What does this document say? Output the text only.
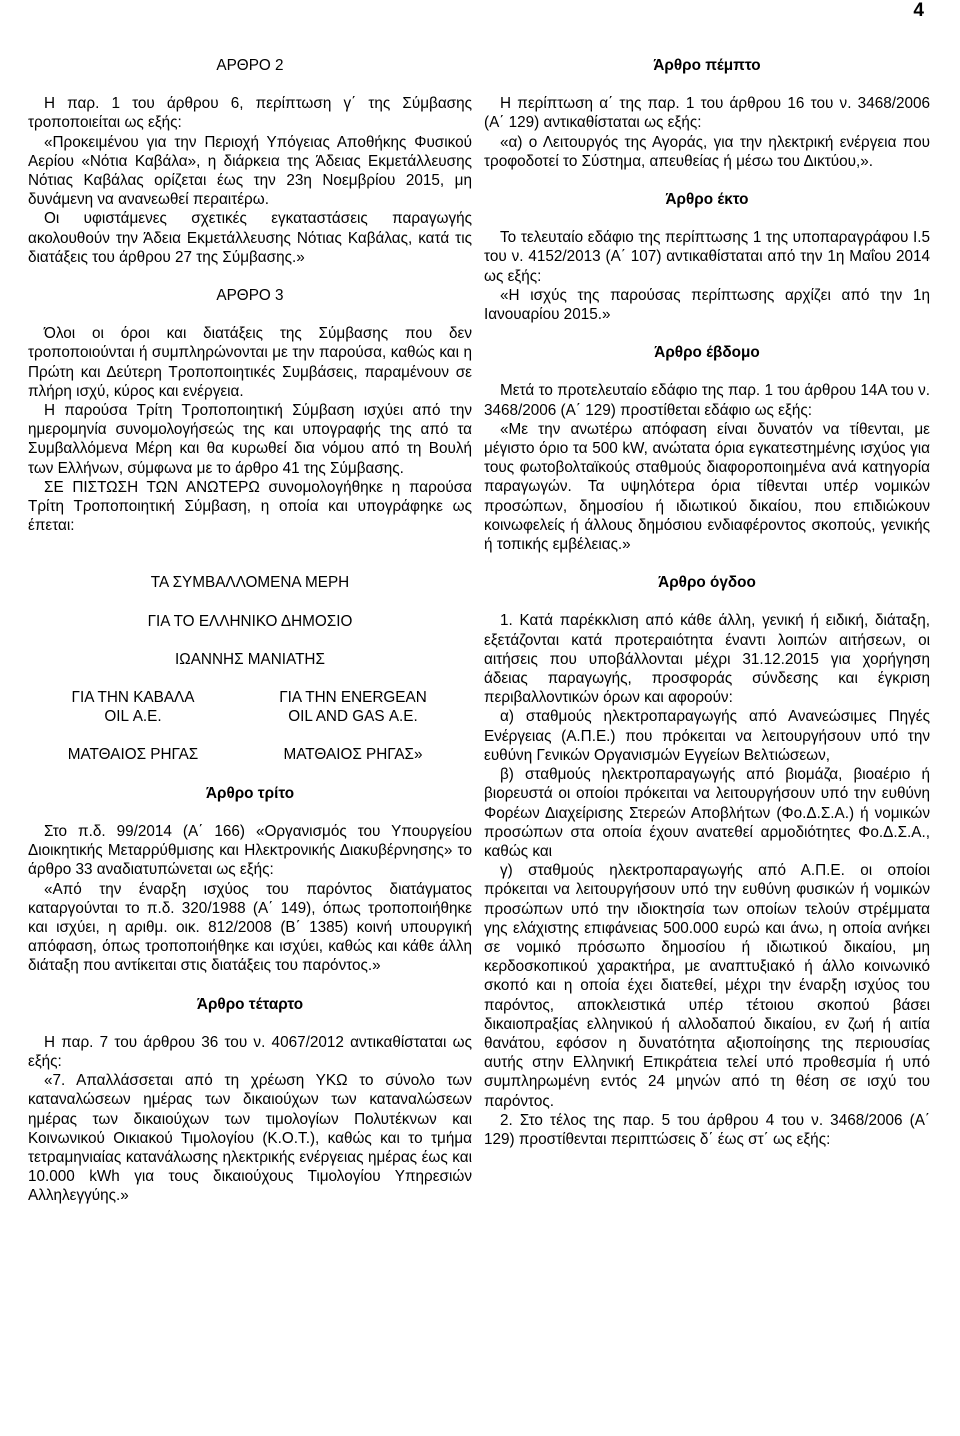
4

ΑΡΘΡΟ 2

Η παρ. 1 του άρθρου 6, περίπτωση γ΄ της Σύμβασης τροποποιείται ως εξής:

«Προκειμένου για την Περιοχή Υπόγειας Αποθήκης Φυσικού Αερίου «Νότια Καβάλα», η διάρκεια της Άδειας Εκμετάλλευσης Νότιας Καβάλας ορίζεται έως την 23η Νοεμβρίου 2015, μη δυνάμενη να ανανεωθεί περαιτέρω.

Οι υφιστάμενες σχετικές εγκαταστάσεις παραγωγής ακολουθούν την Άδεια Εκμετάλλευσης Νότιας Καβάλας, κατά τις διατάξεις του άρθρου 27 της Σύμβασης.»

ΑΡΘΡΟ 3

Όλοι οι όροι και διατάξεις της Σύμβασης που δεν τροποποιούνται ή συμπληρώνονται με την παρούσα, καθώς και η Πρώτη και Δεύτερη Τροποποιητικές Συμβάσεις, παραμένουν σε πλήρη ισχύ, κύρος και ενέργεια.

Η παρούσα Τρίτη Τροποποιητική Σύμβαση ισχύει από την ημερομηνία συνομολογήσεώς της και υπογραφής της από τα Συμβαλλόμενα Μέρη και θα κυρωθεί δια νόμου από τη Βουλή των Ελλήνων, σύμφωνα με το άρθρο 41 της Σύμβασης.

ΣΕ ΠΙΣΤΩΣΗ ΤΩΝ ΑΝΩΤΕΡΩ συνομολογήθηκε η παρούσα Τρίτη Τροποποιητική Σύμβαση, η οποία και υπογράφηκε ως έπεται:

ΤΑ ΣΥΜΒΑΛΛΟΜΕΝΑ ΜΕΡΗ

ΓΙΑ ΤΟ ΕΛΛΗΝΙΚΟ ΔΗΜΟΣΙΟ

ΙΩΑΝΝΗΣ ΜΑΝΙΑΤΗΣ

ΓΙΑ ΤΗΝ ΚΑΒΑΛΑ	ΓΙΑ ΤΗΝ ENERGEAN
OIL Α.Ε.	OIL AND GAS Α.Ε.
ΜΑΤΘΑΙΟΣ ΡΗΓΑΣ	ΜΑΤΘΑΙΟΣ ΡΗΓΑΣ»

Άρθρο τρίτο

Στο π.δ. 99/2014 (Α΄ 166) «Οργανισμός του Υπουργείου Διοικητικής Μεταρρύθμισης και Ηλεκτρονικής Διακυβέρνησης» το άρθρο 33 αναδιατυπώνεται ως εξής:

«Από την έναρξη ισχύος του παρόντος διατάγματος καταργούνται το π.δ. 320/1988 (Α΄ 149), όπως τροποποιήθηκε και ισχύει, η αριθμ. οικ. 812/2008 (Β΄ 1385) κοινή υπουργική απόφαση, όπως τροποποιήθηκε και ισχύει, καθώς και κάθε άλλη διάταξη που αντίκειται στις διατάξεις του παρόντος.»

Άρθρο τέταρτο

Η παρ. 7 του άρθρου 36 του ν. 4067/2012 αντικαθίσταται ως εξής:

«7. Απαλλάσσεται από τη χρέωση ΥΚΩ το σύνολο των καταναλώσεων ημέρας των δικαιούχων των καταναλώσεων ημέρας των δικαιούχων των τιμολογίων Πολυτέκνων και Κοινωνικού Οικιακού Τιμολογίου (Κ.Ο.Τ.), καθώς και το τμήμα τετραμηνιαίας κατανάλωσης ηλεκτρικής ενέργειας ημέρας έως και 10.000 kWh για τους δικαιούχους Τιμολογίου Υπηρεσιών Αλληλεγγύης.»

Άρθρο πέμπτο

Η περίπτωση α΄ της παρ. 1 του άρθρου 16 του ν. 3468/2006 (Α΄ 129) αντικαθίσταται ως εξής:

«α) ο Λειτουργός της Αγοράς, για την ηλεκτρική ενέργεια που τροφοδοτεί το Σύστημα, απευθείας ή μέσω του Δικτύου,».

Άρθρο έκτο

Το τελευταίο εδάφιο της περίπτωσης 1 της υποπαραγράφου Ι.5 του ν. 4152/2013 (Α΄ 107) αντικαθίσταται από την 1η Μαΐου 2014 ως εξής:

«Η ισχύς της παρούσας περίπτωσης αρχίζει από την 1η Ιανουαρίου 2015.»

Άρθρο έβδομο

Μετά το προτελευταίο εδάφιο της παρ. 1 του άρθρου 14Α του ν. 3468/2006 (Α΄ 129) προστίθεται εδάφιο ως εξής:

«Με την ανωτέρω απόφαση είναι δυνατόν να τίθενται, με μέγιστο όριο τα 500 kW, ανώτατα όρια εγκατεστημένης ισχύος για τους φωτοβολταϊκούς σταθμούς διαφοροποιημένα ανά κατηγορία παραγωγών. Τα υψηλότερα όρια τίθενται υπέρ νομικών προσώπων, δημοσίου ή ιδιωτικού δικαίου, που επιδιώκουν κοινωφελείς ή άλλους δημόσιου ενδιαφέροντος σκοπούς, γενικής ή τοπικής εμβέλειας.»

Άρθρο όγδοο

1. Κατά παρέκκλιση από κάθε άλλη, γενική ή ειδική, διάταξη, εξετάζονται κατά προτεραιότητα έναντι λοιπών αιτήσεων, οι αιτήσεις που υποβάλλονται μέχρι 31.12.2015 για χορήγηση άδειας παραγωγής, προσφοράς σύνδεσης και έγκριση περιβαλλοντικών όρων και αφορούν:

α) σταθμούς ηλεκτροπαραγωγής από Ανανεώσιμες Πηγές Ενέργειας (Α.Π.Ε.) που πρόκειται να λειτουργήσουν υπό την ευθύνη Γενικών Οργανισμών Εγγείων Βελτιώσεων,

β) σταθμούς ηλεκτροπαραγωγής από βιομάζα, βιοαέριο ή βιορευστά οι οποίοι πρόκειται να λειτουργήσουν υπό την ευθύνη Φορέων Διαχείρισης Στερεών Αποβλήτων (Φο.Δ.Σ.Α.) ή νομικών προσώπων στα οποία έχουν ανατεθεί αρμοδιότητες Φο.Δ.Σ.Α., καθώς και

γ) σταθμούς ηλεκτροπαραγωγής από Α.Π.Ε. οι οποίοι πρόκειται να λειτουργήσουν υπό την ευθύνη φυσικών ή νομικών προσώπων υπό την ιδιοκτησία των οποίων τελούν στρέμματα γης ελάχιστης επιφάνειας 500.000 ευρώ και άνω, η οποία ανήκει σε νομικό πρόσωπο δημοσίου ή ιδιωτικού δικαίου, μη κερδοσκοπικού χαρακτήρα, με αναπτυξιακό ή άλλο κοινωνικό σκοπό και η οποία έχει διατεθεί, μέχρι την έναρξη ισχύος του παρόντος, αποκλειστικά υπέρ τέτοιου σκοπού βάσει δικαιοπραξίας ελληνικού ή αλλοδαπού δικαίου, εν ζωή ή αιτία θανάτου, εφόσον η δυνατότητα αξιοποίησης της περιουσίας αυτής στην Ελληνική Επικράτεια τελεί υπό προθεσμία ή υπό συμπληρωμένη εντός 24 μηνών από τη θέση σε ισχύ του παρόντος.

2. Στο τέλος της παρ. 5 του άρθρου 4 του ν. 3468/2006 (Α΄ 129) προστίθενται περιπτώσεις δ΄ έως στ΄ ως εξής:
